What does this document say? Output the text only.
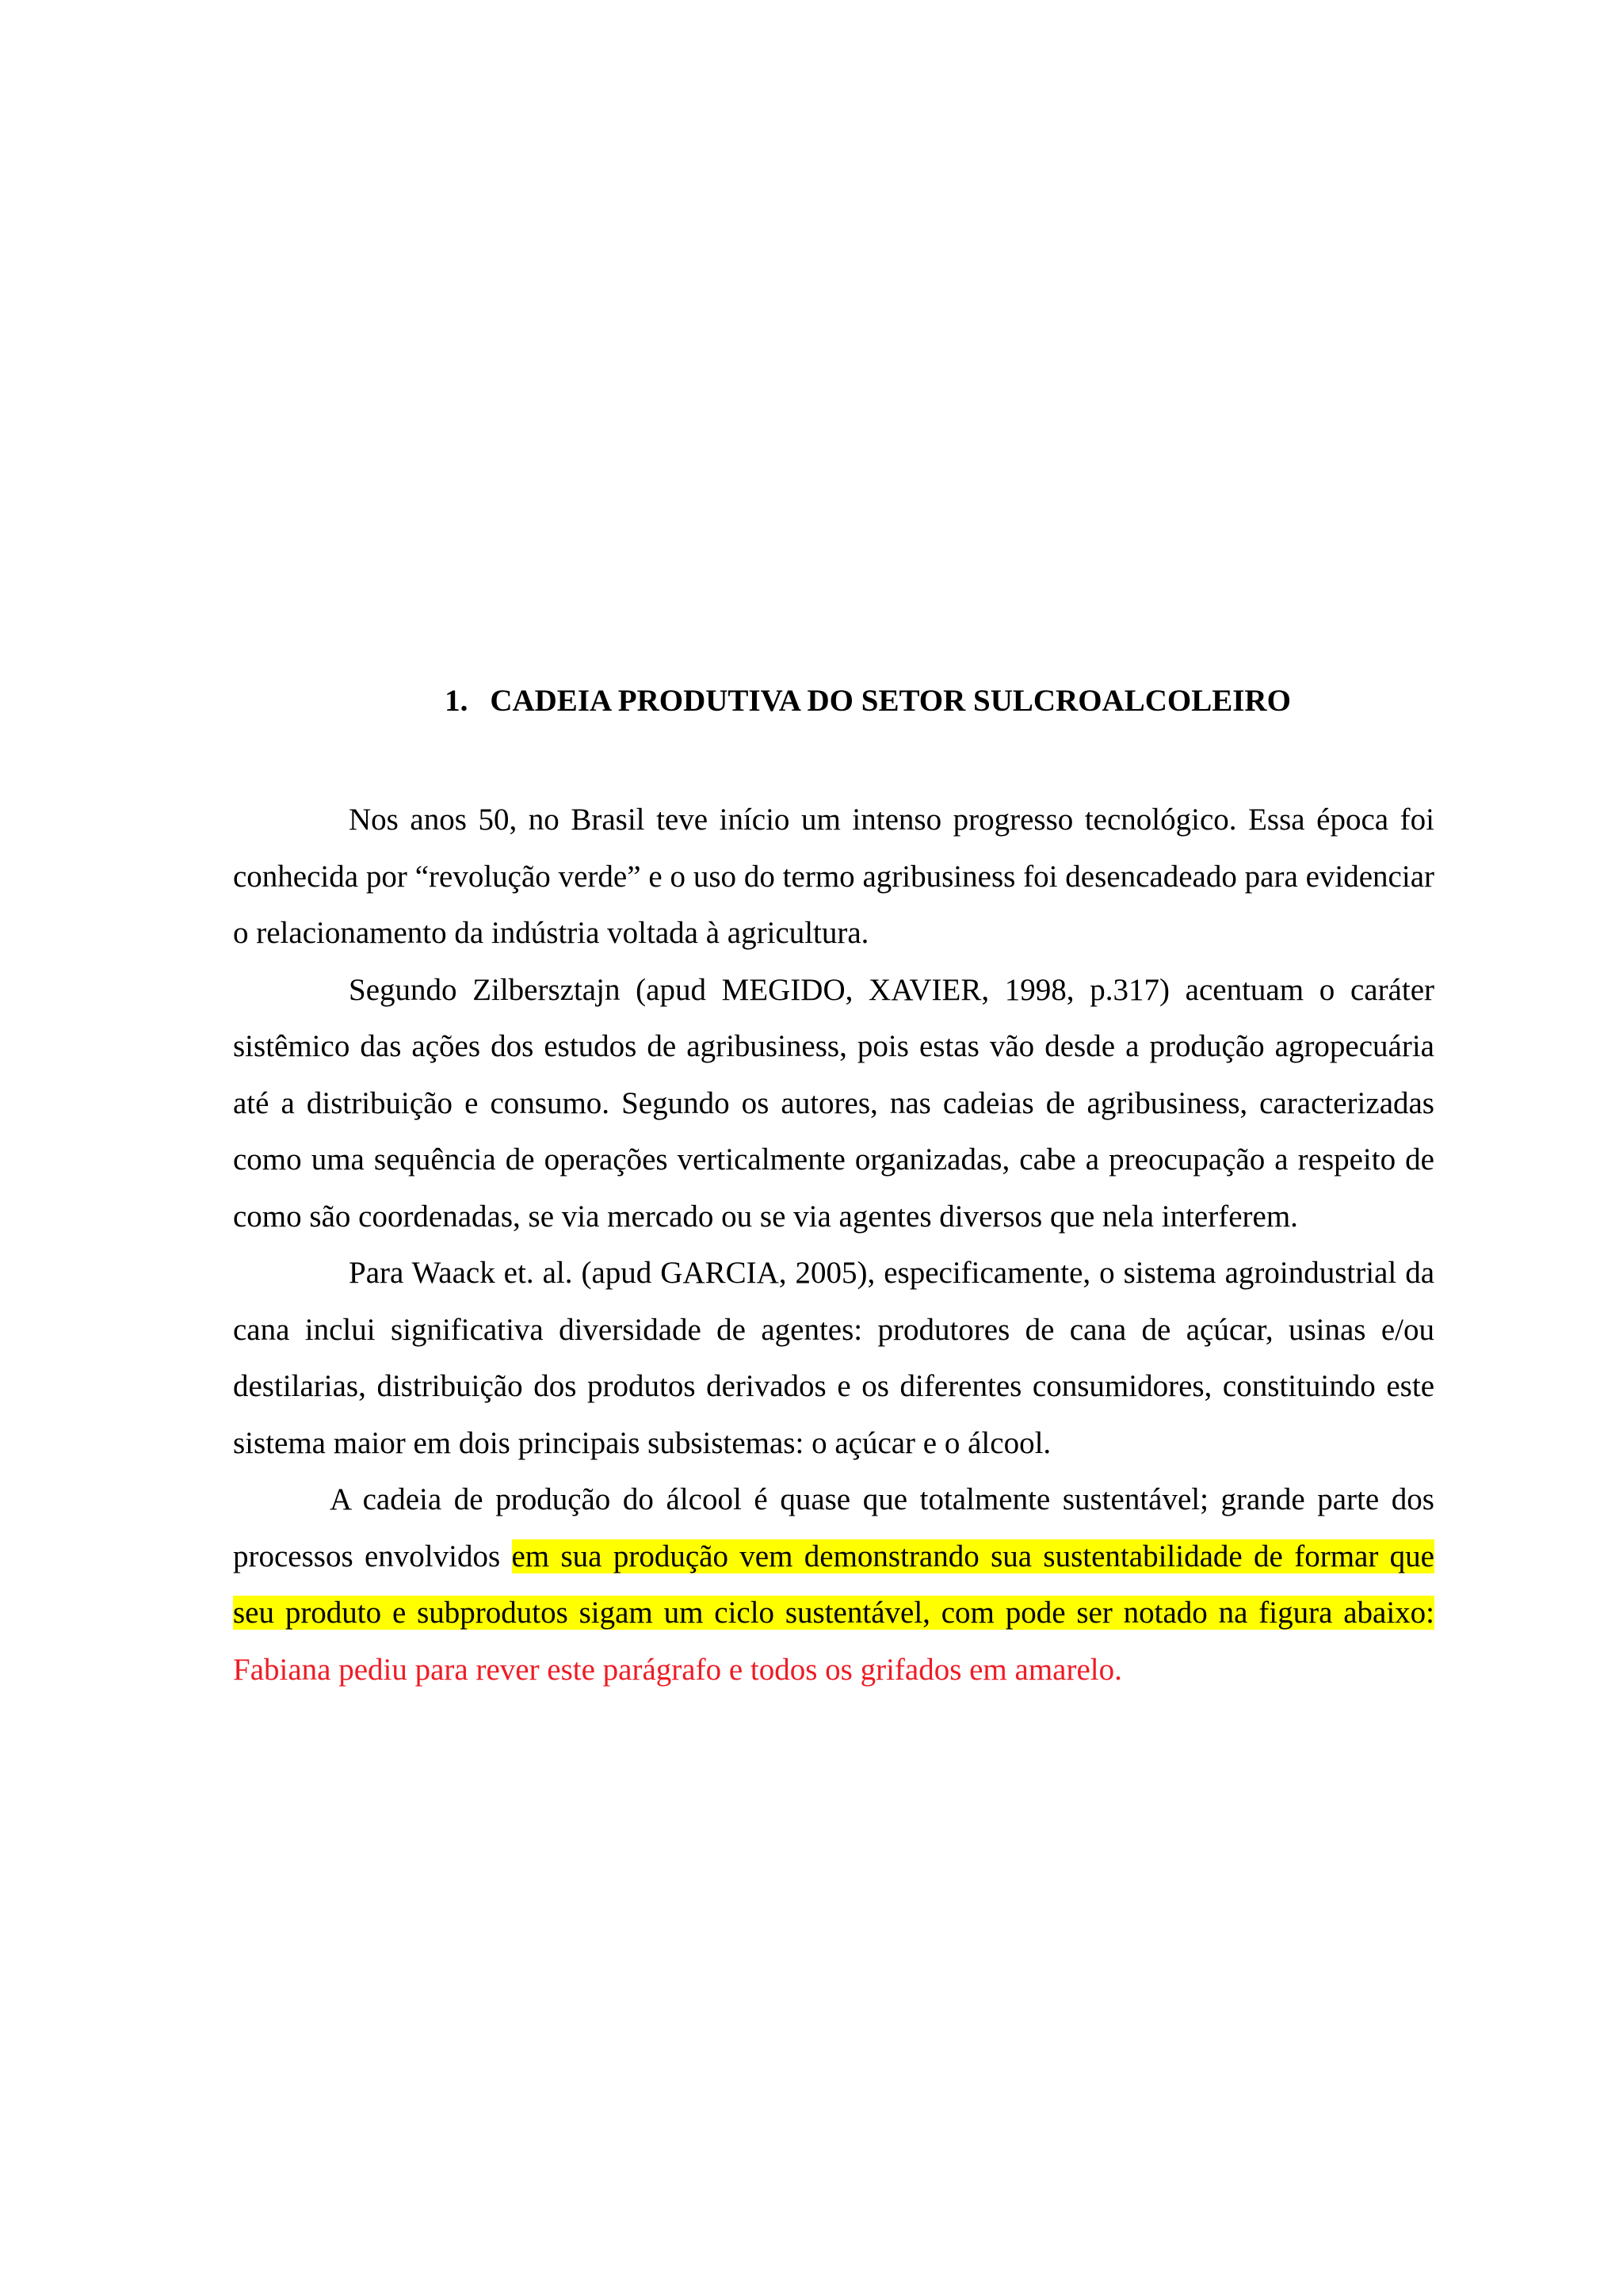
1. CADEIA PRODUTIVA DO SETOR SULCROALCOLEIRO

Nos anos 50, no Brasil teve início um intenso progresso tecnológico. Essa época foi conhecida por “revolução verde” e o uso do termo agribusiness foi desencadeado para evidenciar o relacionamento da indústria voltada à agricultura.

Segundo Zilbersztajn (apud MEGIDO, XAVIER, 1998, p.317) acentuam o caráter sistêmico das ações dos estudos de agribusiness, pois estas vão desde a produção agropecuária até a distribuição e consumo. Segundo os autores, nas cadeias de agribusiness, caracterizadas como uma sequência de operações verticalmente organizadas, cabe a preocupação a respeito de como são coordenadas, se via mercado ou se via agentes diversos que nela interferem.

Para Waack et. al. (apud GARCIA, 2005), especificamente, o sistema agroindustrial da cana inclui significativa diversidade de agentes: produtores de cana de açúcar, usinas e/ou destilarias, distribuição dos produtos derivados e os diferentes consumidores, constituindo este sistema maior em dois principais subsistemas: o açúcar e o álcool.

A cadeia de produção do álcool é quase que totalmente sustentável; grande parte dos processos envolvidos em sua produção vem demonstrando sua sustentabilidade de formar que seu produto e subprodutos sigam um ciclo sustentável, com pode ser notado na figura abaixo: Fabiana pediu para rever este parágrafo e todos os grifados em amarelo.
